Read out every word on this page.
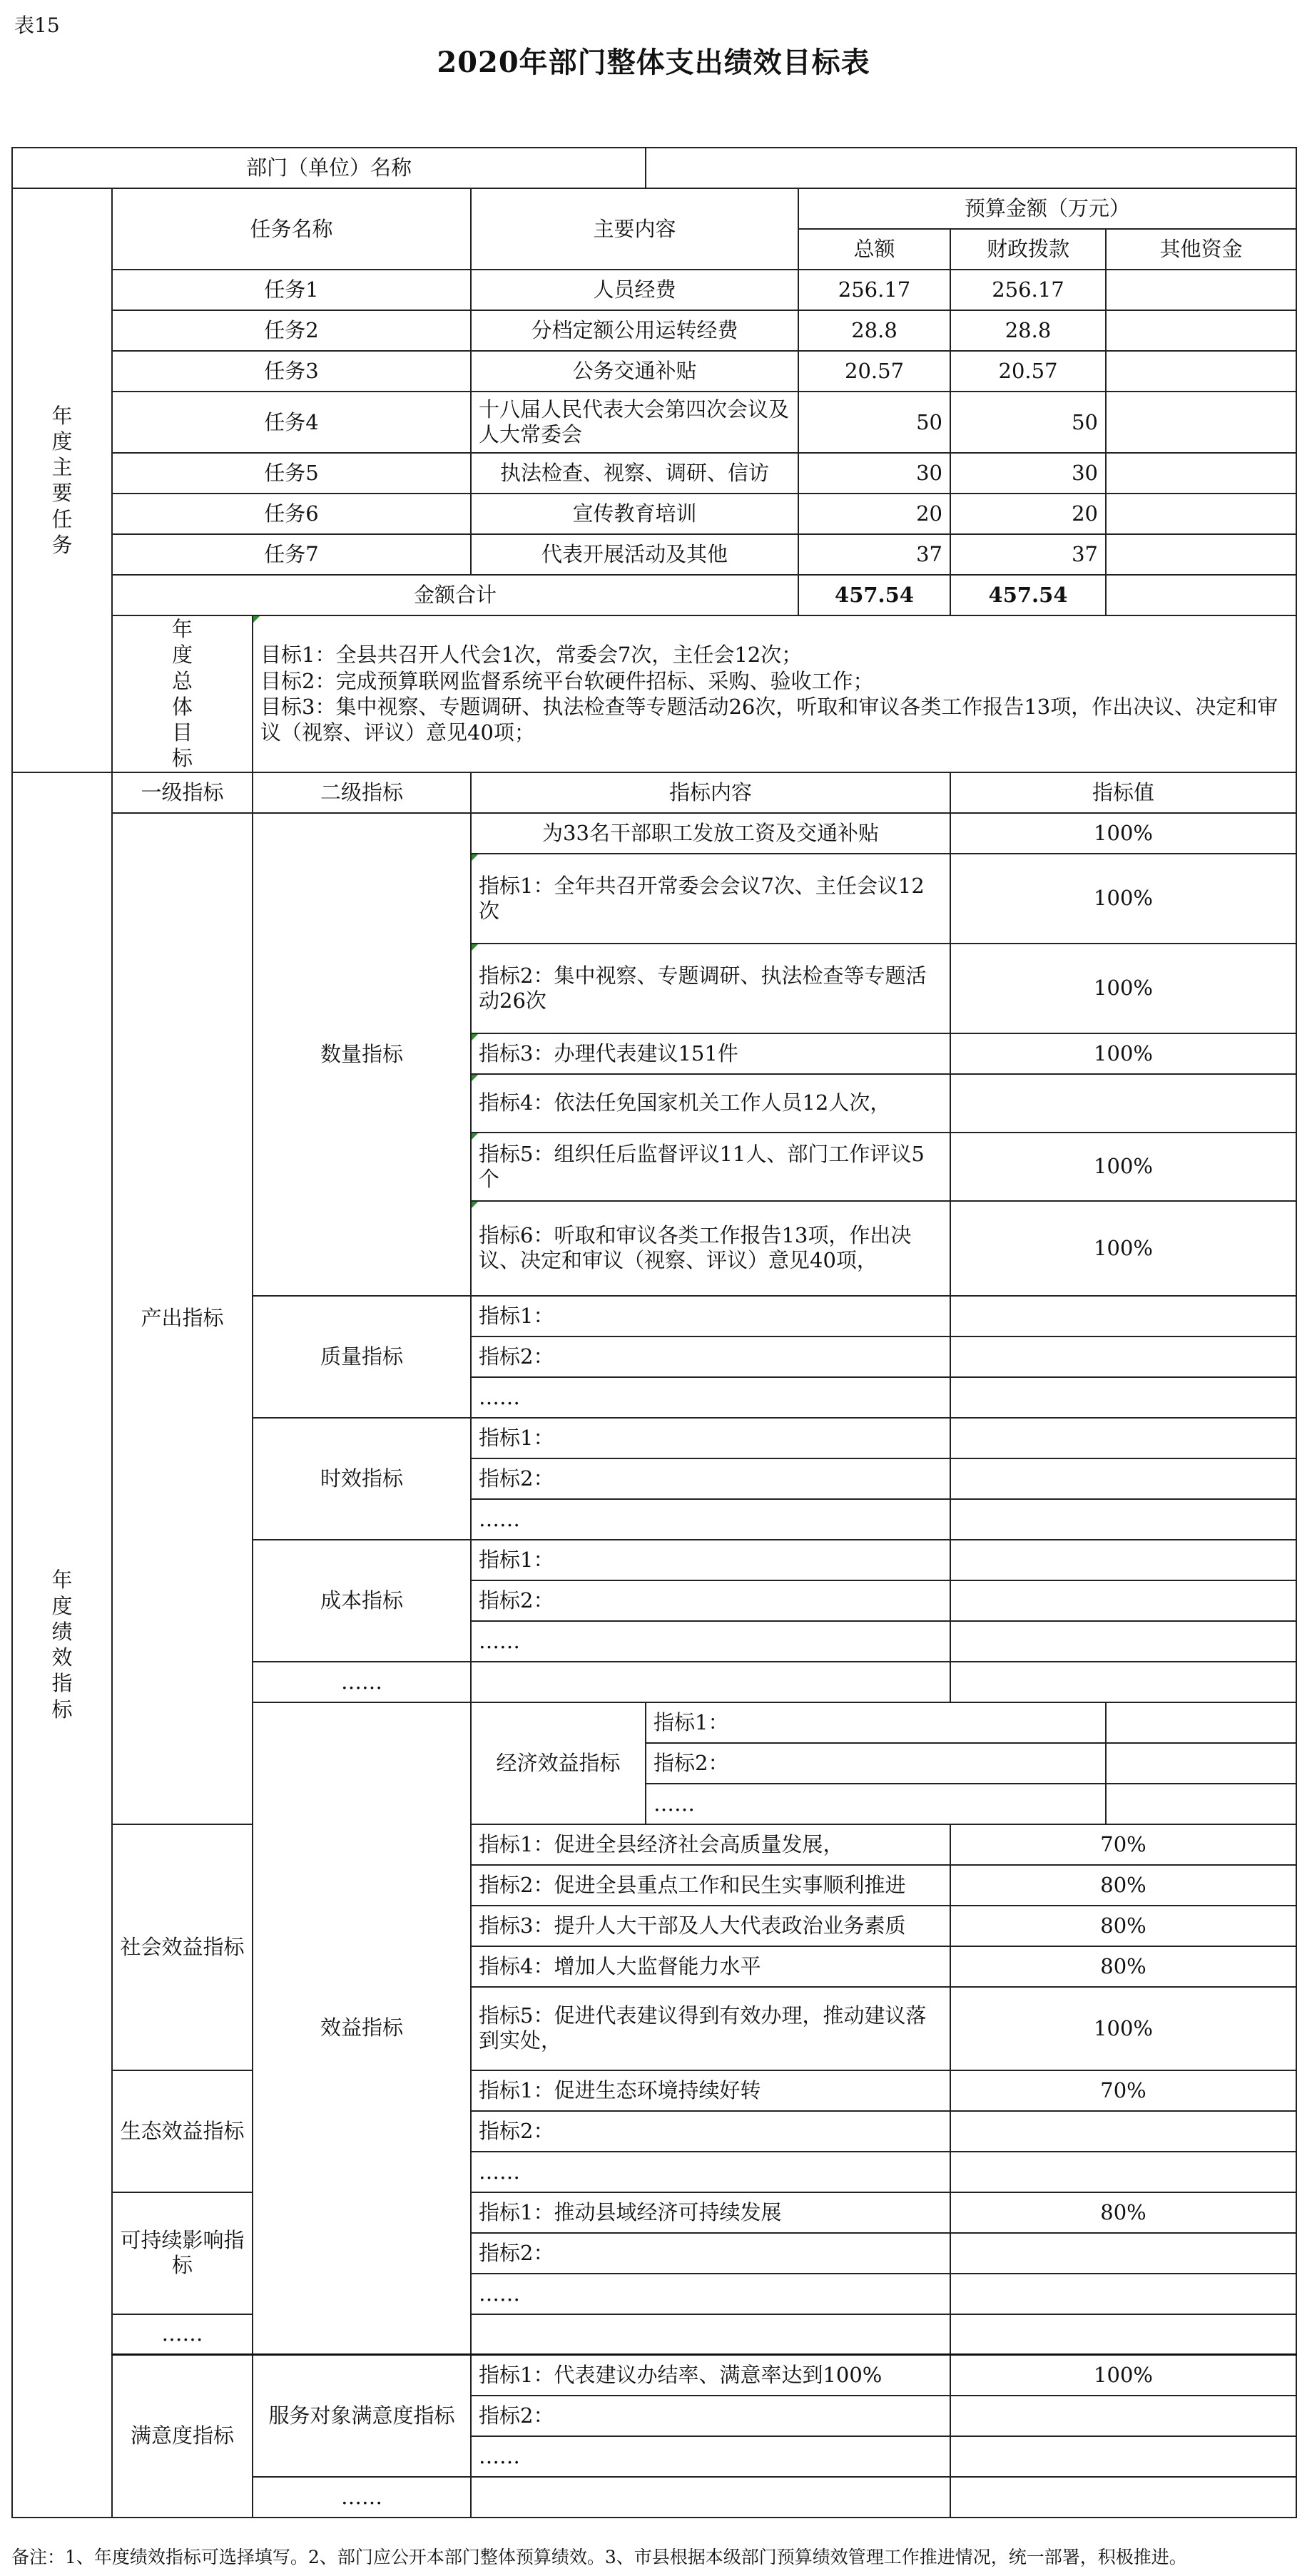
表15
2020年部门整体支出绩效目标表
部门（单位）名称							

年度主要任务	任务名称		主要内容		预算金额（万元）		
					总额	财政拨款	其他资金
	任务1		人员经费		256.17	256.17	
	任务2		分档定额公用运转经费		28.8	28.8	
	任务3		公务交通补贴		20.57	20.57	
	任务4		十八届人民代表大会第四次会议及人大常委会		50	50	
	任务5		执法检查、视察、调研、信访		30	30	
	任务6		宣传教育培训		20	20	
	任务7		代表开展活动及其他		37	37	
	金额合计				457.54	457.54	

	年度总体目标	目标1：全县共召开人代会1次，常委会7次，主任会12次；
目标2：完成预算联网监督系统平台软硬件招标、采购、验收工作；
目标3：集中视察、专题调研、执法检查等专题活动26次，听取和审议各类工作报告13项，作出决议、决定和审议（视察、评议）意见40项；					

年度绩效指标	一级指标	二级指标	指标内容			指标值	
	产出指标	数量指标	为33名干部职工发放工资及交通补贴			100%	
			指标1：全年共召开常委会会议7次、主任会议12次			100%	
			指标2：集中视察、专题调研、执法检查等专题活动26次			100%	
			指标3：办理代表建议151件			100%	
			指标4：依法任免国家机关工作人员12人次，				
			指标5：组织任后监督评议11人、部门工作评议5个			100%	
			指标6：听取和审议各类工作报告13项，作出决议、决定和审议（视察、评议）意见40项，			100%	
		质量指标	指标1：				
			指标2：				
			……				
		时效指标	指标1：				
			指标2：				
			……				
		成本指标	指标1：				
			指标2：				
			……				
		……					
		效益指标	经济效益指标	指标1：			
				指标2：			
				……			
	社会效益指标		指标1：促进全县经济社会高质量发展，			70%	
			指标2：促进全县重点工作和民生实事顺利推进			80%	
			指标3：提升人大干部及人大代表政治业务素质			80%	
			指标4：增加人大监督能力水平			80%	
			指标5：促进代表建议得到有效办理，推动建议落到实处，			100%	
	生态效益指标		指标1：促进生态环境持续好转			70%	
			指标2：				
			……				
	可持续影响指标		指标1：推动县域经济可持续发展			80%	
			指标2：				
			……				
	……						
	满意度指标	服务对象满意度指标	指标1：代表建议办结率、满意率达到100%			100%	
			指标2：				
			……				
		……					
备注：1、年度绩效指标可选择填写。2、部门应公开本部门整体预算绩效。3、市县根据本级部门预算绩效管理工作推进情况，统一部署，积极推进。
